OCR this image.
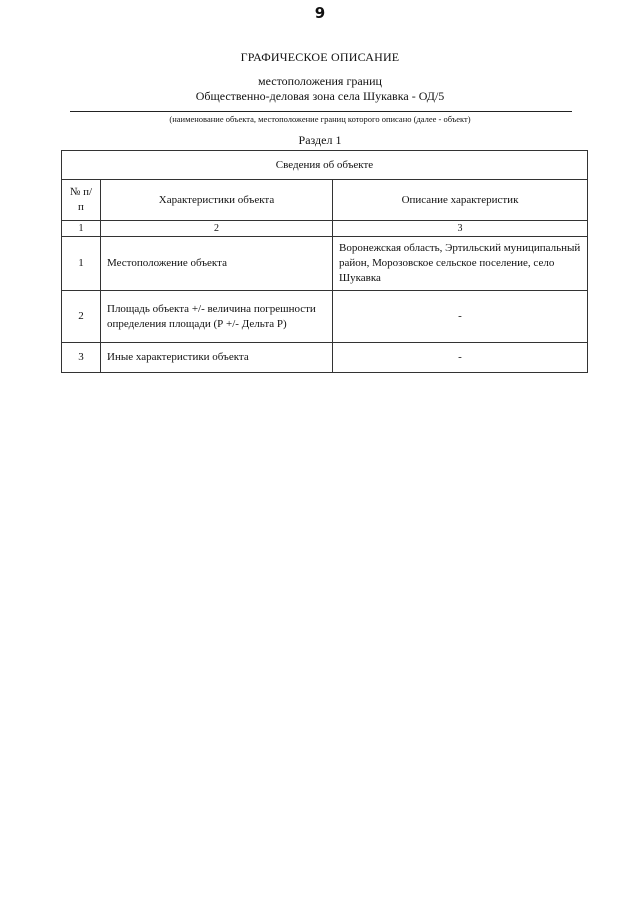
9
ГРАФИЧЕСКОЕ ОПИСАНИЕ
местоположения границ
Общественно-деловая зона села Шукавка - ОД/5
(наименование объекта, местоположение границ которого описано (далее - объект)
Раздел 1
Сведения об объекте		
№ п/п	Характеристики объекта	Описание характеристик
1	2	3
1	Местоположение объекта	Воронежская область, Эртильский муниципальный район, Морозовское сельское поселение, село Шукавка
2	Площадь объекта +/- величина погрешности определения площади (Р +/- Дельта Р)	-
3	Иные характеристики объекта	-
